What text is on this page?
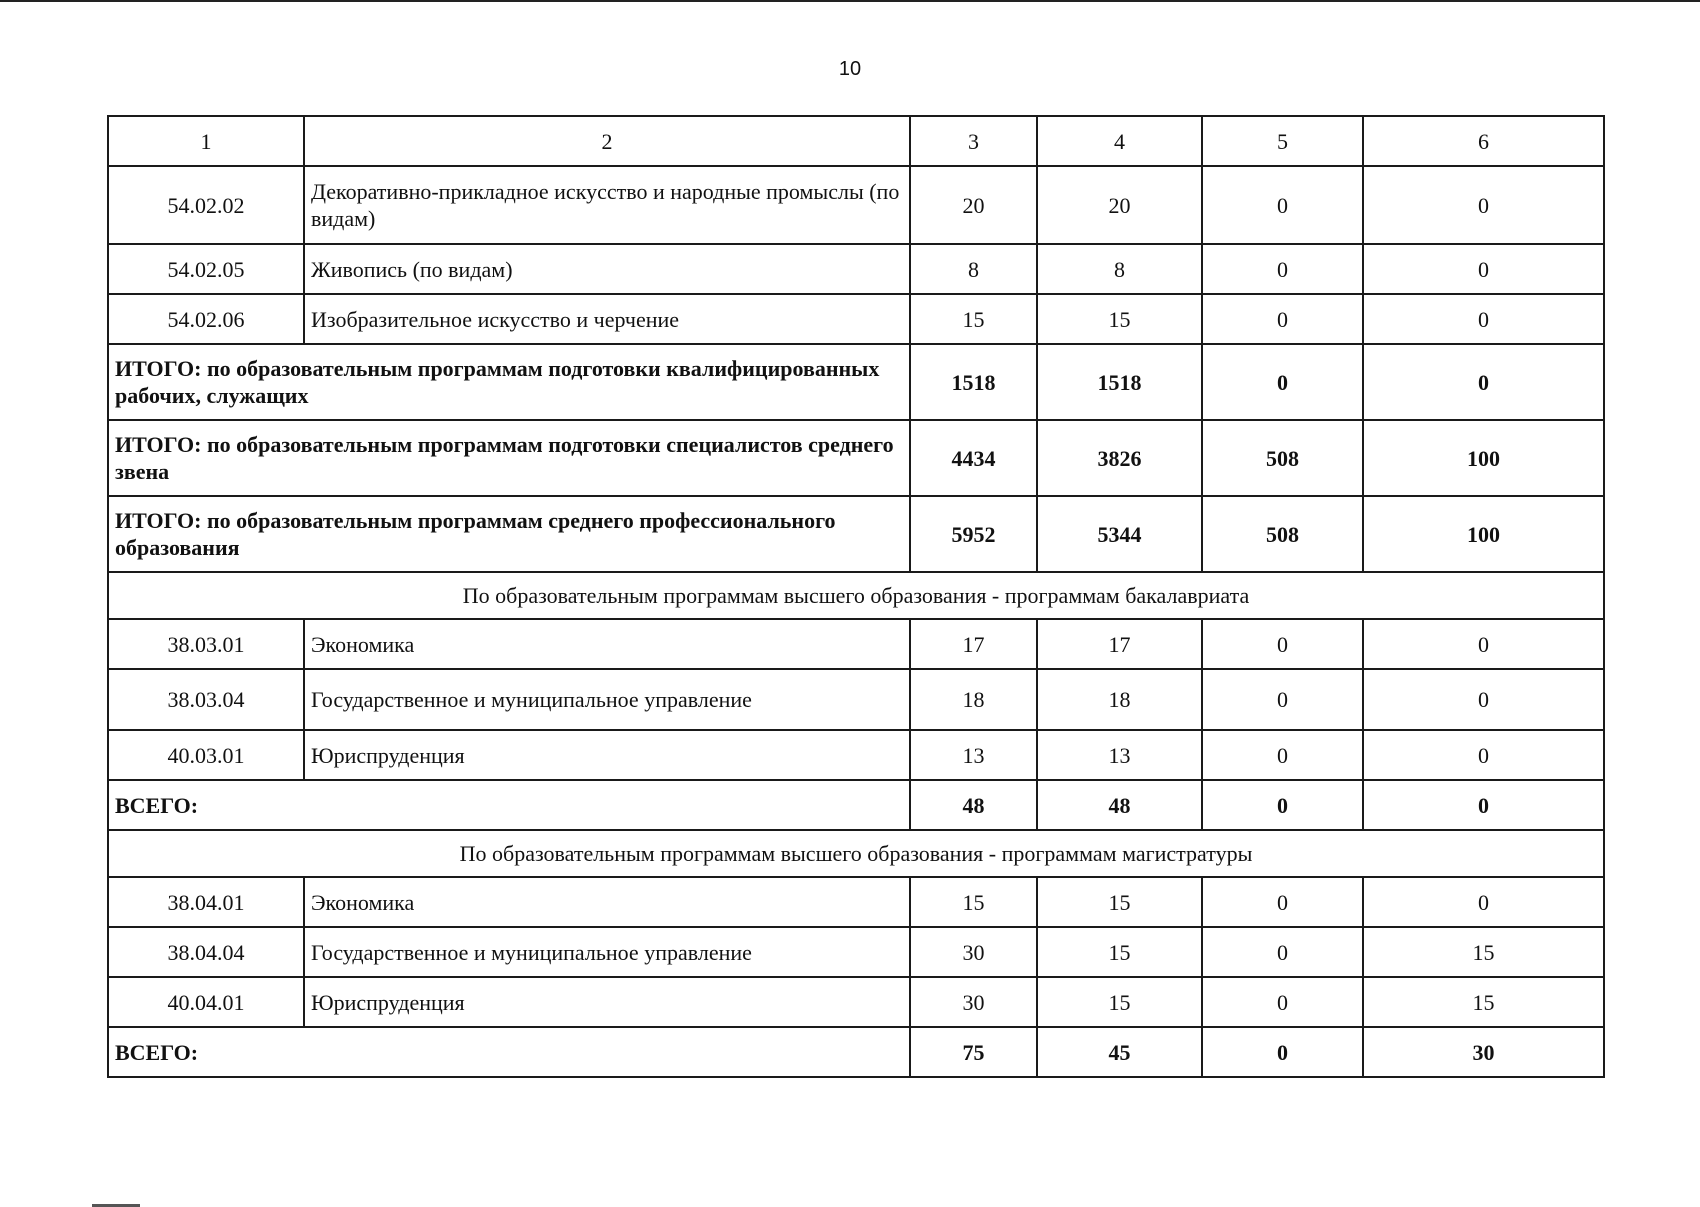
10
1	2	3	4	5	6
54.02.02	Декоративно-прикладное искусство и народные промыслы (по видам)	20	20	0	0
54.02.05	Живопись (по видам)	8	8	0	0
54.02.06	Изобразительное искусство и черчение	15	15	0	0
ИТОГО: по образовательным программам подготовки квалифицированных рабочих, служащих		1518	1518	0	0
ИТОГО: по образовательным программам подготовки специалистов среднего звена		4434	3826	508	100
ИТОГО: по образовательным программам среднего профессионального образования		5952	5344	508	100
По образовательным программам высшего образования - программам бакалавриата					
38.03.01	Экономика	17	17	0	0
38.03.04	Государственное и муниципальное управление	18	18	0	0
40.03.01	Юриспруденция	13	13	0	0
ВСЕГО:		48	48	0	0
По образовательным программам высшего образования - программам магистратуры					
38.04.01	Экономика	15	15	0	0
38.04.04	Государственное и муниципальное управление	30	15	0	15
40.04.01	Юриспруденция	30	15	0	15
ВСЕГО:		75	45	0	30
